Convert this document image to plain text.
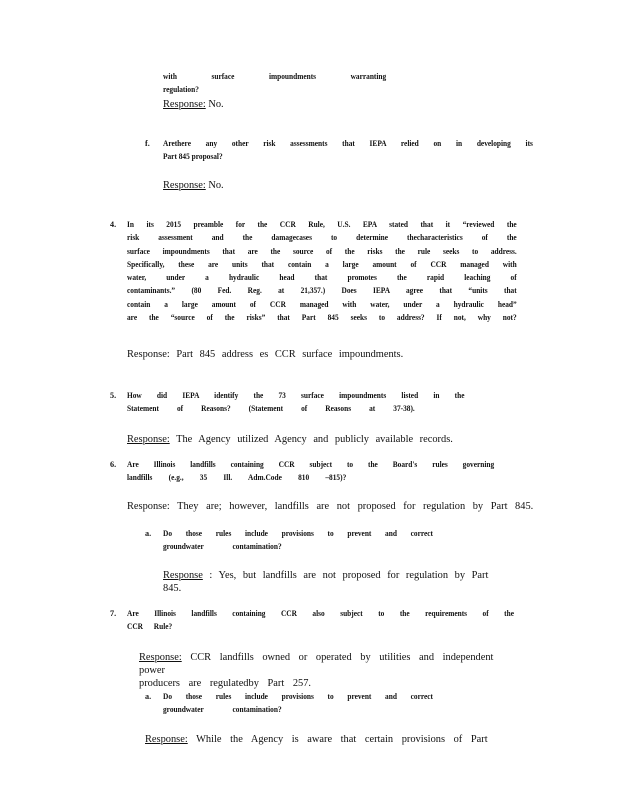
with surface impoundments warranting regulation?

Response: No.
f. Arethere any other risk assessments that IEPA relied on in developing its

Part 845 proposal?

Response: No.
4. In its 2015 preamble for the CCR Rule, U.S. EPA stated that it “reviewed the

risk assessment and the damagecases to determine thecharacteristics of the

surface impoundments that are the source of the risks the rule seeks to address.

Specifically, these are units that contain a large amount of CCR managed with

water, under a hydraulic head that promotes the rapid leaching of

contaminants.” (80 Fed. Reg. at 21,357.) Does IEPA agree that “units that

contain a large amount of CCR managed with water, under a hydraulic head”

are the “source of the risks” that Part 845 seeks to address? If not, why not?

Response: Part 845 address es CCR surface impoundments.
5. How did IEPA identify the 73 surface impoundments listed in the

Statement of Reasons? (Statement of Reasons at 37-38).

Response: The Agency utilized Agency and publicly available records.
6. Are Illinois landfills containing CCR subject to the Board's rules governing

landfills (e.g., 35 Ill. Adm.Code 810 –815)?

Response: They are; however, landfills are not proposed for regulation by Part 845.
a. Do those rules include provisions to prevent and correct

groundwater contamination?

Response : Yes, but landfills are not proposed for regulation by Part
845.
7. Are Illinois landfills containing CCR also subject to the requirements of the

CCR Rule?

Response: CCR landfills owned or operated by utilities and independent power
producers are regulatedby Part 257.
a. Do those rules include provisions to prevent and correct

groundwater contamination?

Response: While the Agency is aware that certain provisions of Part
